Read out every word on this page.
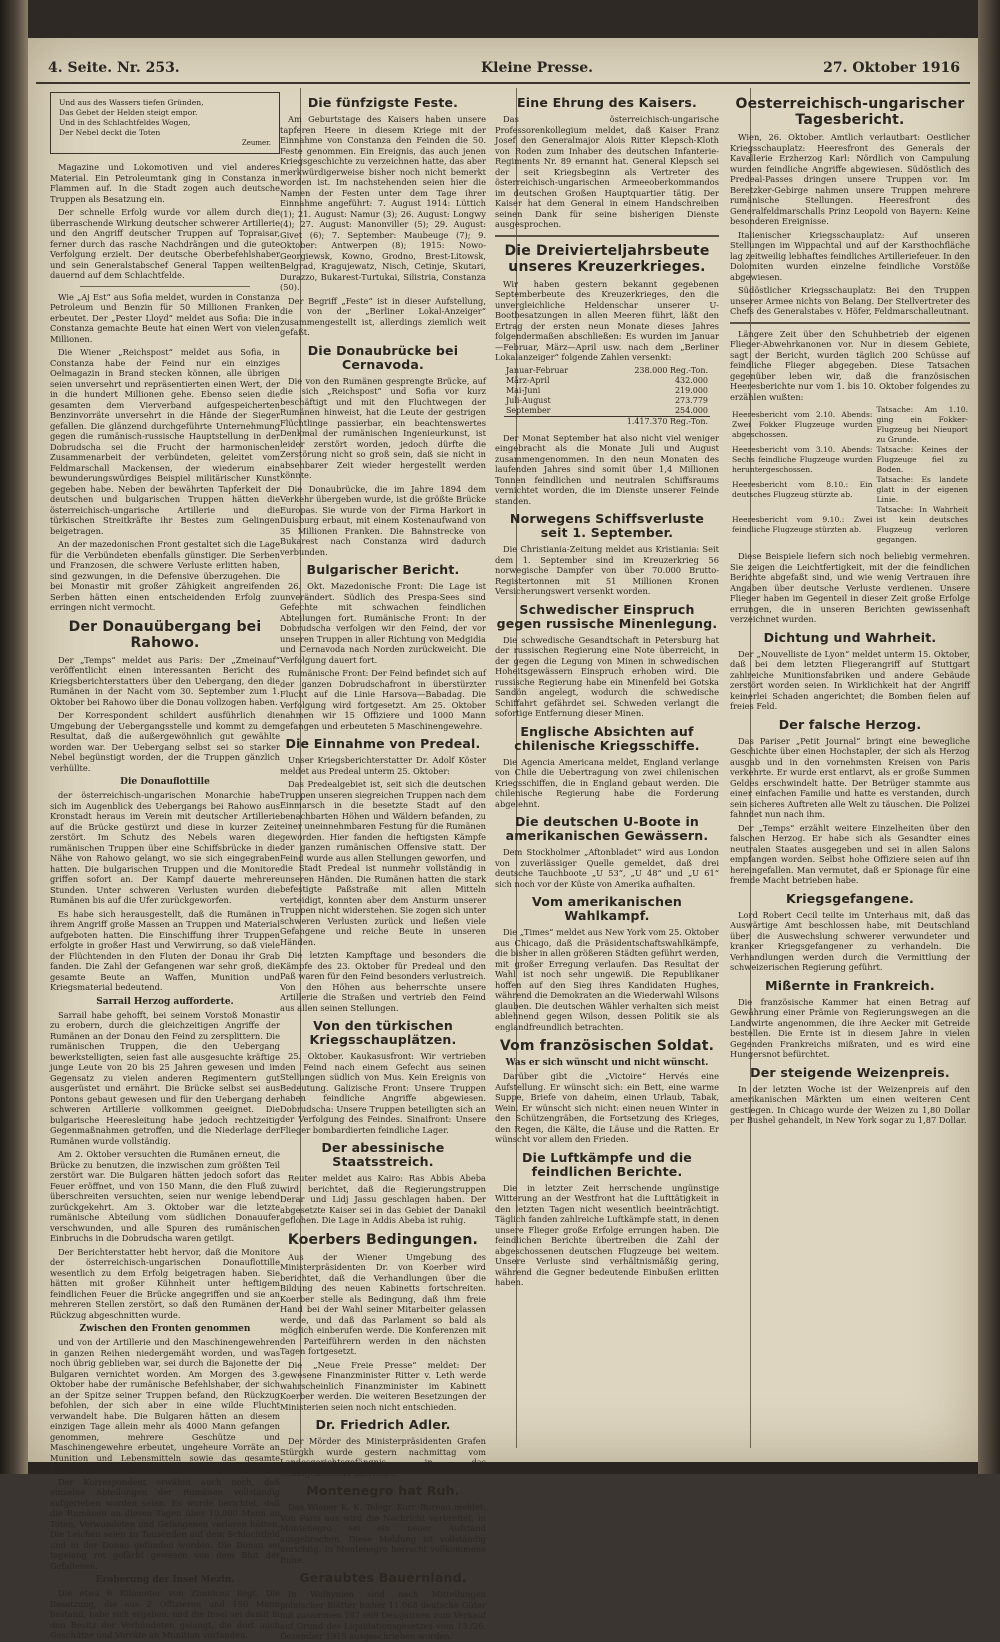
4. Seite. Nr. 253.	Kleine Presse.	27. Oktober 1916
Und aus des Wassers tiefen Gründen,
Das Gebet der Helden steigt empor.
Und in des Schlachtfeldes Wogen,
Der Nebel deckt die Toten
Zeumer.

Magazine und Lokomotiven und viel anderes Material. Ein Petroleumtank ging in Constanza in Flammen auf. In die Stadt zogen auch deutsche Truppen als Besatzung ein.

Der schnelle Erfolg wurde vor allem durch die überraschende Wirkung deutscher schwerer Artillerie und den Angriff deutscher Truppen auf Topraisar, ferner durch das rasche Nachdrängen und die gute Verfolgung erzielt. Der deutsche Oberbefehlshaber und sein Generalstabschef General Tappen weilten dauernd auf dem Schlachtfelde.

Wie „Aj Est“ aus Sofia meldet, wurden in Constanza Petroleum und Benzin für 50 Millionen Franken erbeutet. Der „Pester Lloyd“ meldet aus Sofia: Die in Constanza gemachte Beute hat einen Wert von vielen Millionen.

Die Wiener „Reichspost“ meldet aus Sofia, in Constanza habe der Feind nur ein einziges Oelmagazin in Brand stecken können, alle übrigen seien unversehrt und repräsentierten einen Wert, der in die hundert Millionen gehe. Ebenso seien die gesamten dem Vierverband aufgespeicherten Benzinvorräte unversehrt in die Hände der Sieger gefallen. Die glänzend durchgeführte Unternehmung gegen die rumänisch-russische Hauptstellung in der Dobrudscha sei die Frucht der harmonischen Zusammenarbeit der verbündeten, geleitet vom Feldmarschall Mackensen, der wiederum ein bewunderungswürdiges Beispiel militärischer Kunst gegeben habe. Neben der bewährten Tapferkeit der deutschen und bulgarischen Truppen hätten die österreichisch-ungarische Artillerie und die türkischen Streitkräfte ihr Bestes zum Gelingen beigetragen.

An der mazedonischen Front gestaltet sich die Lage für die Verbündeten ebenfalls günstiger. Die Serben und Franzosen, die schwere Verluste erlitten haben, sind gezwungen, in die Defensive überzugehen. Die bei Monastir mit großer Zähigkeit angreifenden Serben hätten einen entscheidenden Erfolg zu erringen nicht vermocht.

Der Donauübergang bei Rahowo.

Der „Temps“ meldet aus Paris: Der „Zmeinauf“ veröffentlicht einen interessanten Bericht des Kriegsberichterstatters über den Uebergang, den die Rumänen in der Nacht vom 30. September zum 1. Oktober bei Rahowo über die Donau vollzogen haben.

Der Korrespondent schildert ausführlich die Umgebung der Uebergangsstelle und kommt zu dem Resultat, daß die außergewöhnlich gut gewählte worden war. Der Uebergang selbst sei so starker Nebel begünstigt worden, der die Truppen gänzlich verhüllte.

Die Donauflottille

der österreichisch-ungarischen Monarchie habe sich im Augenblick des Uebergangs bei Rahowo aus Kronstadt heraus im Verein mit deutscher Artillerie auf die Brücke gestürzt und diese in kurzer Zeit zerstört. Im Schutz des Nebels waren die rumänischen Truppen über eine Schiffsbrücke in die Nähe von Rahowo gelangt, wo sie sich eingegraben hatten. Die bulgarischen Truppen und die Monitore griffen sofort an. Der Kampf dauerte mehrere Stunden. Unter schweren Verlusten wurden die Rumänen bis auf die Ufer zurückgeworfen.

Es habe sich herausgestellt, daß die Rumänen in ihrem Angriff große Massen an Truppen und Material aufgeboten hatten. Die Einschiffung ihrer Truppen erfolgte in großer Hast und Verwirrung, so daß viele der Flüchtenden in den Fluten der Donau ihr Grab fanden. Die Zahl der Gefangenen war sehr groß, die gesamte Beute an Waffen, Munition und Kriegsmaterial bedeutend.

Sarrail Herzog aufforderte.

Sarrail habe gehofft, bei seinem Vorstoß Monastir zu erobern, durch die gleichzeitigen Angriffe der Rumänen an der Donau den Feind zu zersplittern. Die rumänischen Truppen, die den Uebergang bewerkstelligten, seien fast alle ausgesuchte kräftige junge Leute von 20 bis 25 Jahren gewesen und im Gegensatz zu vielen anderen Regimentern gut ausgerüstet und ernährt. Die Brücke selbst sei aus Pontons gebaut gewesen und für den Uebergang der schweren Artillerie vollkommen geeignet. Die bulgarische Heeresleitung habe jedoch rechtzeitig Gegenmaßnahmen getroffen, und die Niederlage der Rumänen wurde vollständig.

Am 2. Oktober versuchten die Rumänen erneut, die Brücke zu benutzen, die inzwischen zum größten Teil zerstört war. Die Bulgaren hätten jedoch sofort das Feuer eröffnet, und von 150 Mann, die den Fluß zu überschreiten versuchten, seien nur wenige lebend zurückgekehrt. Am 3. Oktober war die letzte rumänische Abteilung vom südlichen Donauufer verschwunden, und alle Spuren des rumänischen Einbruchs in die Dobrudscha waren getilgt.

Der Berichterstatter hebt hervor, daß die Monitore der österreichisch-ungarischen Donauflottille wesentlich zu dem Erfolg beigetragen haben. Sie hätten mit großer Kühnheit unter heftigem feindlichen Feuer die Brücke angegriffen und sie an mehreren Stellen zerstört, so daß den Rumänen der Rückzug abgeschnitten wurde.

Zwischen den Fronten genommen

und von der Artillerie und den Maschinengewehren in ganzen Reihen niedergemäht worden, und was noch übrig geblieben war, sei durch die Bajonette der Bulgaren vernichtet worden. Am Morgen des 3. Oktober habe der rumänische Befehlshaber, der sich an der Spitze seiner Truppen befand, den Rückzug befohlen, der sich aber in eine wilde Flucht verwandelt habe. Die Bulgaren hätten an diesem einzigen Tage allein mehr als 4000 Mann gefangen genommen, mehrere Geschütze und Maschinengewehre erbeutet, ungeheure Vorräte an Munition und Lebensmitteln sowie das gesamte Brückenmaterial.

Der Korrespondent erwähnt auch noch, daß einzelne Abteilungen der Rumänen vollständig aufgerieben worden seien. Es wurde berichtet, daß die Rumänen an diesen Tagen über 10.000 Mann an Toten, Verwundeten und Gefangenen verloren hätten. Die Leichen seien zu Tausenden auf dem Schlachtfeld und in der Donau gefunden worden. Die Donau sei tagelang rot gefärbt gewesen von dem Blut der Gefallenen.

Eroberung der Insel Mezin.

Die etwa 6 Kilometer von Zimnicea liegt. Die Besatzung, die aus 2 Offizieren und 150 Mann bestand, habe sich ergeben, und die Insel sei damit in den Besitz der Verbündeten gelangt, die dort auch Geschütze und Vorräte an Munition vorfanden.

Die fünfzigste Feste.

Am Geburtstage des Kaisers haben unsere tapferen Heere in diesem Kriege mit der Einnahme von Constanza den Feinden die 50. Feste genommen. Ein Ereignis, das auch jenen Kriegsgeschichte zu verzeichnen hatte, das aber merkwürdigerweise bisher noch nicht bemerkt worden ist. Im nachstehenden seien hier die Namen der Festen unter dem Tage ihrer Einnahme angeführt: 7. August 1914: Lüttich (1); 21. August: Namur (3); 26. August: Longwy (4); 27. August: Manonviller (5); 29. August: Givet (6); 7. September: Maubeuge (7); 9. Oktober: Antwerpen (8); 1915: Nowo-Georgiewsk, Kowno, Grodno, Brest-Litowsk, Belgrad, Kragujewatz, Nisch, Cetinje, Skutari, Durazzo, Bukarest-Turtukai, Silistria, Constanza (50).

Der Begriff „Feste“ ist in dieser Aufstellung, die von der „Berliner Lokal-Anzeiger“ zusammengestellt ist, allerdings ziemlich weit gefaßt.

Die Donaubrücke bei Cernavoda.

Die von den Rumänen gesprengte Brücke, auf die sich „Reichspost“ und Sofia vor kurz beschäftigt und mit den Fluchtwegen der Rumänen hinweist, hat die Leute der gestrigen Flüchtlinge passierbar, ein beachtenswertes Denkmal der rumänischen Ingenieurkunst, ist leider zerstört worden, jedoch dürfte die Zerstörung nicht so groß sein, daß sie nicht in absehbarer Zeit wieder hergestellt werden könnte.

Die Donaubrücke, die im Jahre 1894 dem Verkehr übergeben wurde, ist die größte Brücke Europas. Sie wurde von der Firma Harkort in Duisburg erbaut, mit einem Kostenaufwand von 35 Millionen Franken. Die Bahnstrecke von Bukarest nach Constanza wird dadurch verbunden.

Bulgarischer Bericht.

26. Okt. Mazedonische Front: Die Lage ist unverändert. Südlich des Prespa-Sees sind Gefechte mit schwachen feindlichen Abteilungen fort. Rumänische Front: In der Dobrudscha verfolgen wir den Feind, der vor unseren Truppen in aller Richtung von Medgidia und Cernavoda nach Norden zurückweicht. Die Verfolgung dauert fort.

Rumänische Front: Der Feind befindet sich auf der ganzen Dobrudschafront in überstürzter Flucht auf die Linie Harsova—Babadag. Die Verfolgung wird fortgesetzt. Am 25. Oktober nahmen wir 15 Offiziere und 1000 Mann gefangen und erbeuteten 5 Maschinengewehre.

Die Einnahme von Predeal.

Unser Kriegsberichterstatter Dr. Adolf Köster meldet aus Predeal unterm 25. Oktober:

Das Predealgebiet ist, seit sich die deutschen Truppen unseren siegreichen Truppen nach dem Einmarsch in die besetzte Stadt auf den benachbarten Höhen und Wäldern befanden, zu einer uneinnehmbaren Festung für die Rumänen geworden. Hier fanden die heftigsten Kämpfe der ganzen rumänischen Offensive statt. Der Feind wurde aus allen Stellungen geworfen, und die Stadt Predeal ist nunmehr vollständig in unseren Händen. Die Rumänen hatten die stark befestigte Paßstraße mit allen Mitteln verteidigt, konnten aber dem Ansturm unserer Truppen nicht widerstehen. Sie zogen sich unter schweren Verlusten zurück und ließen viele Gefangene und reiche Beute in unseren Händen.

Die letzten Kampftage und besonders die Kämpfe des 23. Oktober für Predeal und den Paß waren für den Feind besonders verlustreich. Von den Höhen aus beherrschte unsere Artillerie die Straßen und vertrieb den Feind aus allen seinen Stellungen.

Von den türkischen Kriegsschauplätzen.

25. Oktober. Kaukasusfront: Wir vertrieben den Feind nach einem Gefecht aus seinen Stellungen südlich von Mus. Kein Ereignis von Bedeutung. Galizische Front: Unsere Truppen haben feindliche Angriffe abgewiesen. Dobrudscha: Unsere Truppen beteiligten sich an der Verfolgung des Feindes. Sinaifront: Unsere Flieger bombardierten feindliche Lager.

Der abessinische Staatsstreich.

Reuter meldet aus Kairo: Ras Abbis Abeba wird berichtet, daß die Regierungstruppen Derar und Lidj Jassu geschlagen haben. Der abgesetzte Kaiser sei in das Gebiet der Danakil geflohen. Die Lage in Addis Abeba ist ruhig.

Koerbers Bedingungen.

Aus der Wiener Umgebung des Ministerpräsidenten Dr. von Koerber wird berichtet, daß die Verhandlungen über die Bildung des neuen Kabinetts fortschreiten. Koerber stelle als Bedingung, daß ihm freie Hand bei der Wahl seiner Mitarbeiter gelassen werde, und daß das Parlament so bald als möglich einberufen werde. Die Konferenzen mit den Parteiführern werden in den nächsten Tagen fortgesetzt.

Die „Neue Freie Presse“ meldet: Der gewesene Finanzminister Ritter v. Leth werde wahrscheinlich Finanzminister im Kabinett Koerber werden. Die weiteren Besetzungen der Ministerien seien noch nicht entschieden.

Dr. Friedrich Adler.

Der Mörder des Ministerpräsidenten Grafen Stürgkh wurde gestern nachmittag vom Landesgerichtsgefängnis in das Gefangenenhaus überführt.

Montenegro hat Ruh.

Das Wiener K. K. Telegr.-Korr.-Bureau meldet: Von Paris aus wird die Nachricht verbreitet, in Montenegro sei ein neuer Aufstand ausgebrochen. Diese Meldung ist vollständig unrichtig. In Montenegro herrscht vollkommene Ruhe.

Geraubtes Bauernland.

In Wolhynien sind nach Mitteilungen polnischer Blätter bisher 11.068 deutsche Güter mit zusammen 187.669 Dessjatinen zum Verkauf auf Grund des Liquidationsgesetzes vom 13./26. Dezember 1915 ausgeschrieben worden.

Eine Ehrung des Kaisers.

Das österreichisch-ungarische Professorenkollegium meldet, daß Kaiser Franz Josef den Generalmajor Alois Ritter Klepsch-Kloth von Roden zum Inhaber des deutschen Infanterie-Regiments Nr. 89 ernannt hat. General Klepsch sei der seit Kriegsbeginn als Vertreter des österreichisch-ungarischen Armeeoberkommandos im deutschen Großen Hauptquartier tätig. Der Kaiser hat dem General in einem Handschreiben seinen Dank für seine bisherigen Dienste ausgesprochen.

Die Dreivierteljahrsbeute unseres Kreuzerkrieges.

Wir haben gestern bekannt gegebenen Septemberbeute des Kreuzerkrieges, den die unvergleichliche Heldenschar unserer U-Bootbesatzungen in allen Meeren führt, läßt den Ertrag der ersten neun Monate dieses Jahres folgendermaßen abschließen: Es wurden im Januar—Februar, März—April usw. nach dem „Berliner Lokalanzeiger“ folgende Zahlen versenkt:

Januar-Februar	238.000 Reg.-Ton.
März-April	432.000
Mai-Juni	219.000
Juli-August	273.779
September	254.000
	1.417.370 Reg.-Ton.

Der Monat September hat also nicht viel weniger eingebracht als die Monate Juli und August zusammengenommen. In den neun Monaten des laufenden Jahres sind somit über 1,4 Millionen Tonnen feindlichen und neutralen Schiffsraums vernichtet worden, die im Dienste unserer Feinde standen.

Norwegens Schiffsverluste seit 1. September.

Die Christiania-Zeitung meldet aus Kristiania: Seit dem 1. September sind im Kreuzerkrieg 56 norwegische Dampfer von über 70.000 Brutto-Registertonnen mit 51 Millionen Kronen Versicherungswert versenkt worden.

Schwedischer Einspruch gegen russische Minenlegung.

Die schwedische Gesandtschaft in Petersburg hat der russischen Regierung eine Note überreicht, in der gegen die Legung von Minen in schwedischen Hoheitsgewässern Einspruch erhoben wird. Die russische Regierung habe ein Minenfeld bei Gotska Sandön angelegt, wodurch die schwedische Schiffahrt gefährdet sei. Schweden verlangt die sofortige Entfernung dieser Minen.

Englische Absichten auf chilenische Kriegsschiffe.

Die Agencia Americana meldet, England verlange von Chile die Uebertragung von zwei chilenischen Kriegsschiffen, die in England gebaut werden. Die chilenische Regierung habe die Forderung abgelehnt.

Die deutschen U-Boote in amerikanischen Gewässern.

Dem Stockholmer „Aftonbladet“ wird aus London von zuverlässiger Quelle gemeldet, daß drei deutsche Tauchboote „U 53“, „U 48“ und „U 61“ sich noch vor der Küste von Amerika aufhalten.

Vom amerikanischen Wahlkampf.

Die „Times“ meldet aus New York vom 25. Oktober aus Chicago, daß die Präsidentschaftswahlkämpfe, die bisher in allen größeren Städten geführt werden, mit großer Erregung verlaufen. Das Resultat der Wahl ist noch sehr ungewiß. Die Republikaner hoffen auf den Sieg ihres Kandidaten Hughes, während die Demokraten an die Wiederwahl Wilsons glauben. Die deutschen Wähler verhalten sich meist ablehnend gegen Wilson, dessen Politik sie als englandfreundlich betrachten.

Vom französischen Soldat.
Was er sich wünscht und nicht wünscht.

Darüber gibt die „Victoire“ Hervés eine Aufstellung. Er wünscht sich: ein Bett, eine warme Suppe, Briefe von daheim, einen Urlaub, Tabak, Wein. Er wünscht sich nicht: einen neuen Winter in den Schützengräben, die Fortsetzung des Krieges, den Regen, die Kälte, die Läuse und die Ratten. Er wünscht vor allem den Frieden.

Die Luftkämpfe und die feindlichen Berichte.

Die in letzter Zeit herrschende ungünstige Witterung an der Westfront hat die Lufttätigkeit in den letzten Tagen nicht wesentlich beeinträchtigt. Täglich fanden zahlreiche Luftkämpfe statt, in denen unsere Flieger große Erfolge errungen haben. Die feindlichen Berichte übertreiben die Zahl der abgeschossenen deutschen Flugzeuge bei weitem. Unsere Verluste sind verhältnismäßig gering, während die Gegner bedeutende Einbußen erlitten haben.

Oesterreichisch-ungarischer Tagesbericht.

Wien, 26. Oktober. Amtlich verlautbart: Oestlicher Kriegsschauplatz: Heeresfront des Generals der Kavallerie Erzherzog Karl: Nördlich von Campulung wurden feindliche Angriffe abgewiesen. Südöstlich des Predeal-Passes dringen unsere Truppen vor. Im Beretzker-Gebirge nahmen unsere Truppen mehrere rumänische Stellungen. Heeresfront des Generalfeldmarschalls Prinz Leopold von Bayern: Keine besonderen Ereignisse.

Italienischer Kriegsschauplatz: Auf unseren Stellungen im Wippachtal und auf der Karsthochfläche lag zeitweilig lebhaftes feindliches Artilleriefeuer. In den Dolomiten wurden einzelne feindliche Vorstöße abgewiesen.

Südöstlicher Kriegsschauplatz: Bei den Truppen unserer Armee nichts von Belang. Der Stellvertreter des Chefs des Generalstabes v. Höfer, Feldmarschalleutnant.

Längere Zeit über den Schuhbetrieb der eigenen Flieger-Abwehrkanonen vor. Nur in diesem Gebiete, sagt der Bericht, wurden täglich 200 Schüsse auf feindliche Flieger abgegeben. Diese Tatsachen gegenüber leben wir, daß die französischen Heeresberichte nur vom 1. bis 10. Oktober folgendes zu erzählen wußten:

Heeresbericht vom 2.10. Abends: Zwei Fokker Flugzeuge wurden abgeschossen.	Tatsache: Am 1.10. ging ein Fokker-Flugzeug bei Nieuport zu Grunde.
Heeresbericht vom 3.10. Abends: Sechs feindliche Flugzeuge wurden heruntergeschossen.	Tatsache: Keines der Flugzeuge fiel zu Boden.
Heeresbericht vom 8.10.: Ein deutsches Flugzeug stürzte ab.	Tatsache: Es landete glatt in der eigenen Linie.
Heeresbericht vom 9.10.: Zwei feindliche Flugzeuge stürzten ab.	Tatsache: In Wahrheit ist kein deutsches Flugzeug verloren gegangen.

Diese Beispiele liefern sich noch beliebig vermehren. Sie zeigen die Leichtfertigkeit, mit der die feindlichen Berichte abgefaßt sind, und wie wenig Vertrauen ihre Angaben über deutsche Verluste verdienen. Unsere Flieger haben im Gegenteil in dieser Zeit große Erfolge errungen, die in unseren Berichten gewissenhaft verzeichnet wurden.

Dichtung und Wahrheit.

Der „Nouvelliste de Lyon“ meldet unterm 15. Oktober, daß bei dem letzten Fliegerangriff auf Stuttgart zahlreiche Munitionsfabriken und andere Gebäude zerstört worden seien. In Wirklichkeit hat der Angriff keinerlei Schaden angerichtet; die Bomben fielen auf freies Feld.

Der falsche Herzog.

Das Pariser „Petit Journal“ bringt eine bewegliche Geschichte über einen Hochstapler, der sich als Herzog ausgab und in den vornehmsten Kreisen von Paris verkehrte. Er wurde erst entlarvt, als er große Summen Geldes erschwindelt hatte. Der Betrüger stammte aus einer einfachen Familie und hatte es verstanden, durch sein sicheres Auftreten alle Welt zu täuschen. Die Polizei fahndet nun nach ihm.

Der „Temps“ erzählt weitere Einzelheiten über den falschen Herzog. Er habe sich als Gesandter eines neutralen Staates ausgegeben und sei in allen Salons empfangen worden. Selbst hohe Offiziere seien auf ihn hereingefallen. Man vermutet, daß er Spionage für eine fremde Macht betrieben habe.

Kriegsgefangene.

Lord Robert Cecil teilte im Unterhaus mit, daß das Auswärtige Amt beschlossen habe, mit Deutschland über die Auswechslung schwerer verwundeter und kranker Kriegsgefangener zu verhandeln. Die Verhandlungen werden durch die Vermittlung der schweizerischen Regierung geführt.

Mißernte in Frankreich.

Die französische Kammer hat einen Betrag auf Gewährung einer Prämie von Regierungswegen an die Landwirte angenommen, die ihre Aecker mit Getreide bestellen. Die Ernte ist in diesem Jahre in vielen Gegenden Frankreichs mißraten, und es wird eine Hungersnot befürchtet.

Der steigende Weizenpreis.

In der letzten Woche ist der Weizenpreis auf den amerikanischen Märkten um einen weiteren Cent gestiegen. In Chicago wurde der Weizen zu 1,80 Dollar per Bushel gehandelt, in New York sogar zu 1,87 Dollar.
